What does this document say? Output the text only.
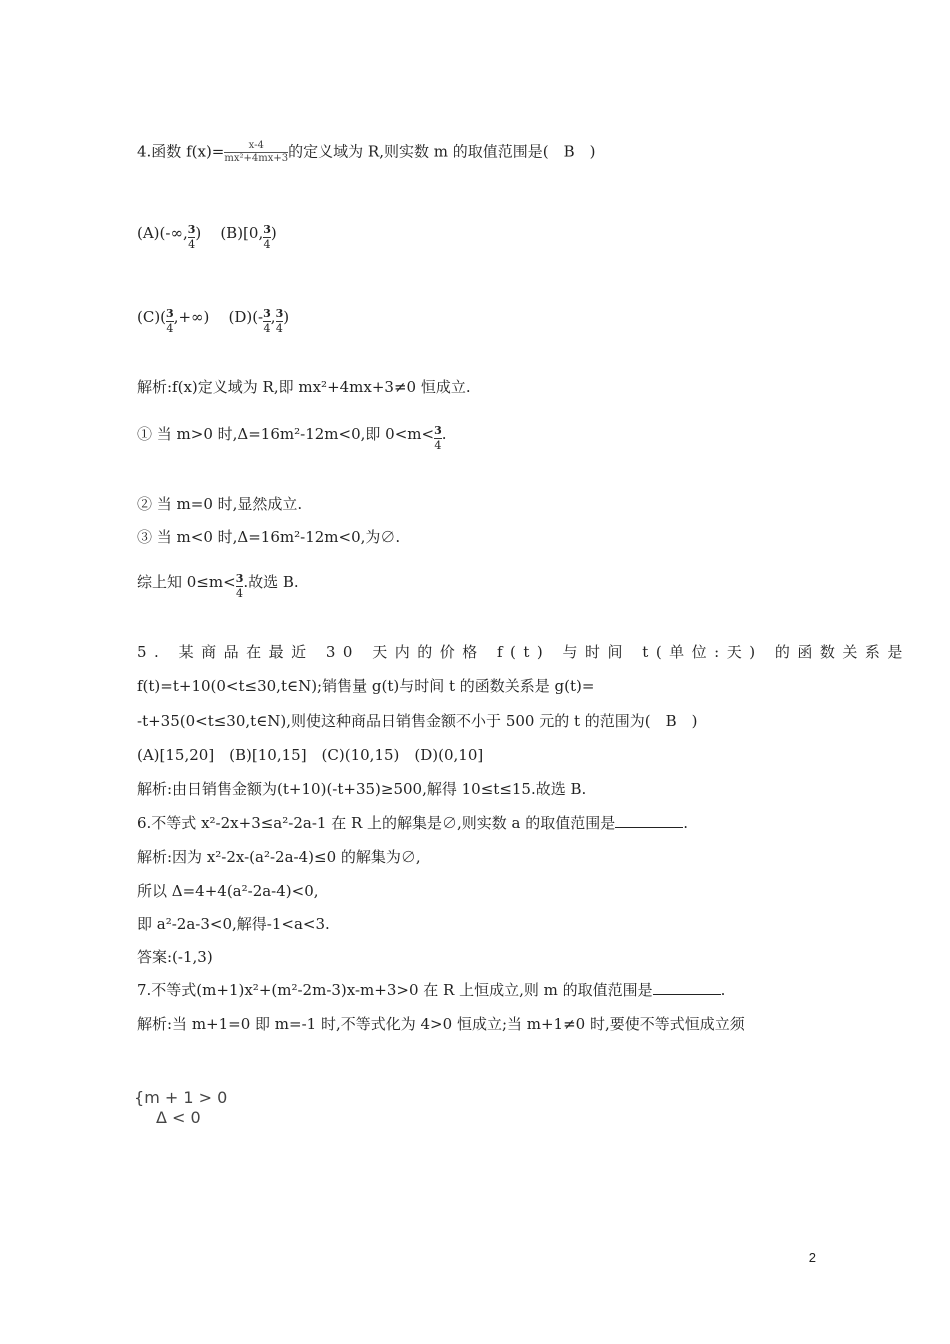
4.函数 $f(x)= \frac{x-4}{\text{mx²+4mx+3}}$ 的定义域为 R,则实数 m 的取值范围是(　B　)
(A)(-∞, $\frac{3}{4}$ ) (B)[0, $\frac{3}{4}$ )
$(C)( \frac{3}{4}$ ,+∞) $(D)(- \frac{3}{4}$ , $\frac{3}{4}$ )
解析:f(x)定义域为 R,即 mx²+4mx+3≠0 恒成立.
① 当 m>0 时,Δ=16m²-12m<0,即 $0<m< \frac{3}{4}$ .
② 当 m=0 时,显然成立.
③ 当 m<0 时,Δ=16m²-12m<0,为∅.
综上知 $0\le m< \frac{3}{4}$ .故选 B.
5. 某商品在最近 30 天内的价格 f(t) 与时间 t(单位:天) 的函数关系是
f(t)=t+10(0<t≤30,t∈N);销售量 g(t)与时间 t 的函数关系是 g(t)=
-t+35(0<t≤30,t∈N),则使这种商品日销售金额不小于 500 元的 t 的范围为(　B　)
(A)[15,20]　(B)[10,15]　(C)(10,15)　(D)(0,10]
解析:由日销售金额为(t+10)(-t+35)≥500,解得 10≤t≤15.故选 B.
6.不等式 x²-2x+3≤a²-2a-1 在 R 上的解集是∅,则实数 a 的取值范围是	.
解析:因为 x²-2x-(a²-2a-4)≤0 的解集为∅,
所以 Δ=4+4(a²-2a-4)<0,
即 a²-2a-3<0,解得-1<a<3.
答案:(-1,3)
7.不等式(m+1)x²+(m²-2m-3)x-m+3>0 在 R 上恒成立,则 m 的取值范围是	.
解析:当 m+1=0 即 m=-1 时,不等式化为 4>0 恒成立;当 m+1≠0 时,要使不等式恒成立须
{m + 1 > 0
Δ < 0
2
